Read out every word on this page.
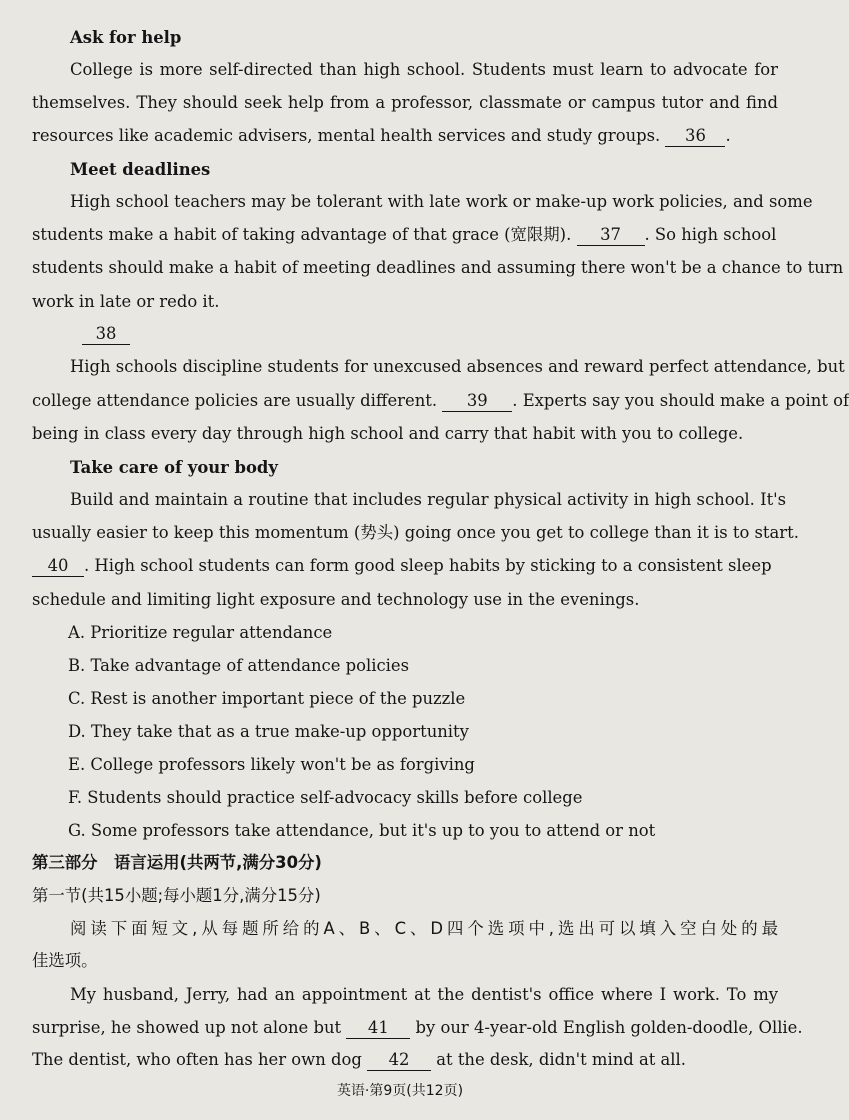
Ask for help
College is more self-directed than high school. Students must learn to advocate for
themselves. They should seek help from a professor, classmate or campus tutor and find
resources like academic advisers, mental health services and study groups. 36 .
Meet deadlines
High school teachers may be tolerant with late work or make-up work policies, and some
students make a habit of taking advantage of that grace (宽限期). 37 . So high school
students should make a habit of meeting deadlines and assuming there won't be a chance to turn
work in late or redo it.
38
High schools discipline students for unexcused absences and reward perfect attendance, but
college attendance policies are usually different. 39 . Experts say you should make a point of
being in class every day through high school and carry that habit with you to college.
Take care of your body
Build and maintain a routine that includes regular physical activity in high school. It's
usually easier to keep this momentum (势头) going once you get to college than it is to start.
40 . High school students can form good sleep habits by sticking to a consistent sleep
schedule and limiting light exposure and technology use in the evenings.
A. Prioritize regular attendance
B. Take advantage of attendance policies
C. Rest is another important piece of the puzzle
D. They take that as a true make-up opportunity
E. College professors likely won't be as forgiving
F. Students should practice self-advocacy skills before college
G. Some professors take attendance, but it's up to you to attend or not
第三部分　语言运用(共两节,满分30分)
第一节(共15小题;每小题1分,满分15分)
阅读下面短文,从每题所给的A、B、C、D四个选项中,选出可以填入空白处的最
佳选项。
My husband, Jerry, had an appointment at the dentist's office where I work. To my
surprise, he showed up not alone but 41 by our 4-year-old English golden-doodle, Ollie.
The dentist, who often has her own dog 42 at the desk, didn't mind at all.
英语·第9页(共12页)
